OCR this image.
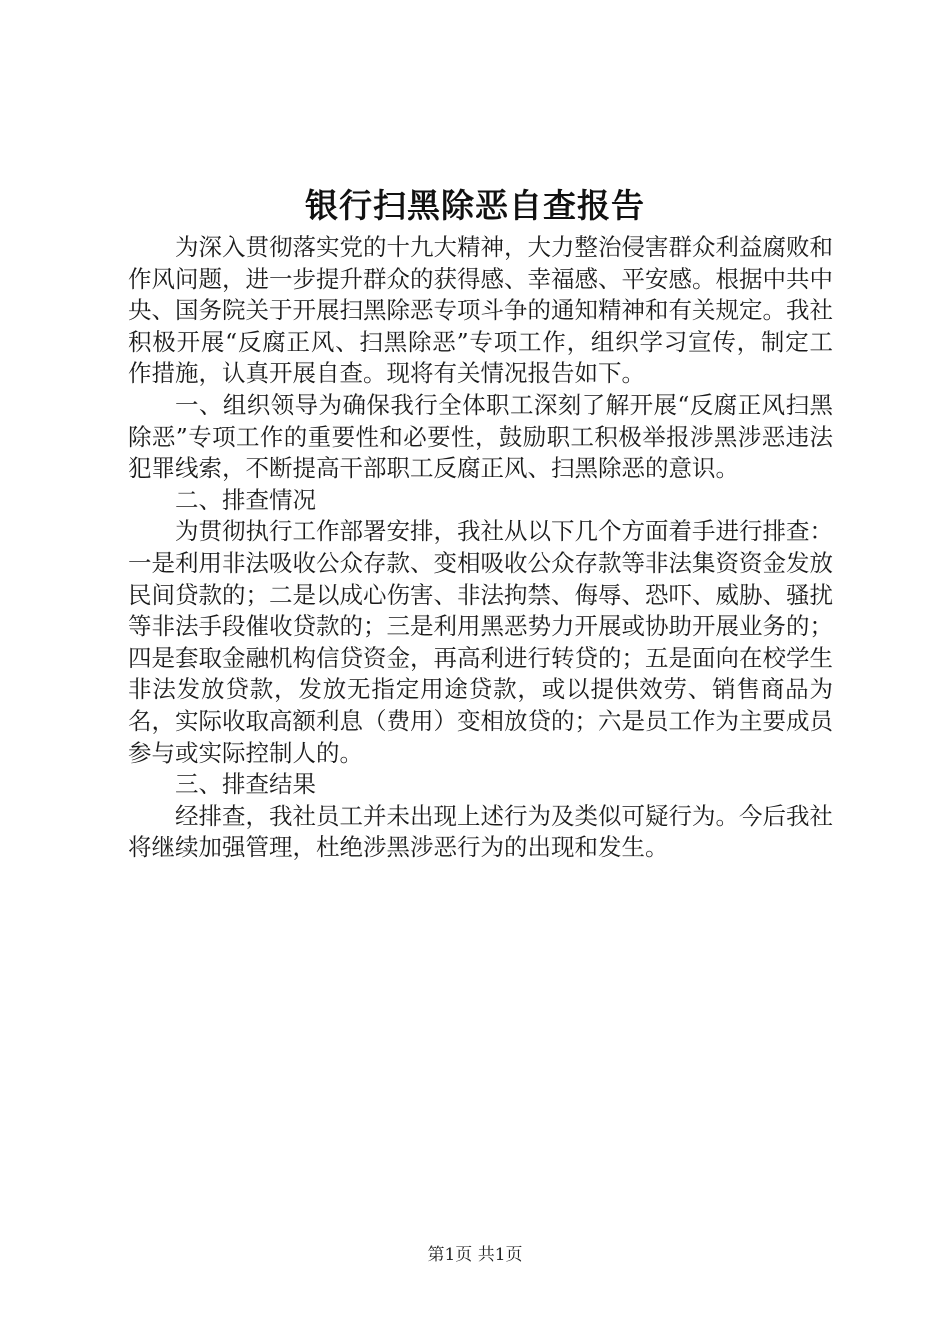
银行扫黑除恶自查报告

为深入贯彻落实党的十九大精神，大力整治侵害群众利益腐败和作风问题，进一步提升群众的获得感、幸福感、平安感。根据中共中央、国务院关于开展扫黑除恶专项斗争的通知精神和有关规定。我社积极开展“反腐正风、扫黑除恶”专项工作，组织学习宣传，制定工作措施，认真开展自查。现将有关情况报告如下。

一、组织领导为确保我行全体职工深刻了解开展“反腐正风扫黑除恶”专项工作的重要性和必要性，鼓励职工积极举报涉黑涉恶违法犯罪线索，不断提高干部职工反腐正风、扫黑除恶的意识。

二、排查情况

为贯彻执行工作部署安排，我社从以下几个方面着手进行排查：一是利用非法吸收公众存款、变相吸收公众存款等非法集资资金发放民间贷款的；二是以成心伤害、非法拘禁、侮辱、恐吓、威胁、骚扰等非法手段催收贷款的；三是利用黑恶势力开展或协助开展业务的；四是套取金融机构信贷资金，再高利进行转贷的；五是面向在校学生非法发放贷款，发放无指定用途贷款，或以提供效劳、销售商品为名，实际收取高额利息（费用）变相放贷的；六是员工作为主要成员参与或实际控制人的。

三、排查结果

经排查，我社员工并未出现上述行为及类似可疑行为。今后我社将继续加强管理，杜绝涉黑涉恶行为的出现和发生。

第1页 共1页
